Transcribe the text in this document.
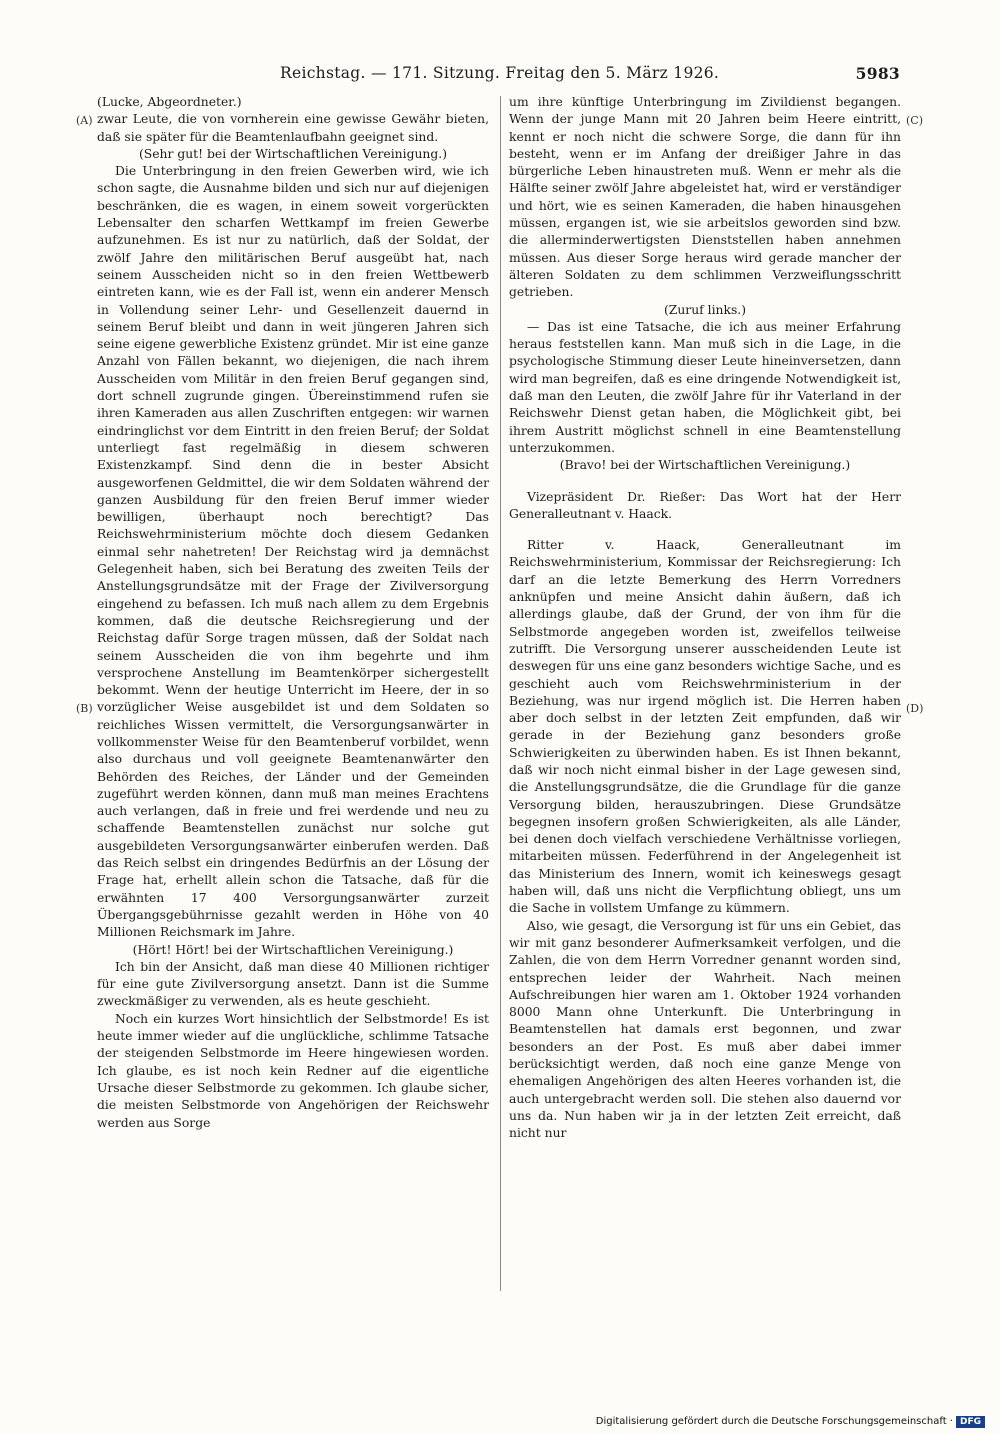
Reichstag. — 171. Sitzung. Freitag den 5. März 1926.	5983
(A)
(B)
(C)
(D)

(Lucke, Abgeordneter.)

zwar Leute, die von vornherein eine gewisse Gewähr bieten, daß sie später für die Beamtenlaufbahn geeignet sind.

(Sehr gut! bei der Wirtschaftlichen Vereinigung.)

Die Unterbringung in den freien Gewerben wird, wie ich schon sagte, die Ausnahme bilden und sich nur auf diejenigen beschränken, die es wagen, in einem soweit vorgerückten Lebensalter den scharfen Wettkampf im freien Gewerbe aufzunehmen. Es ist nur zu natürlich, daß der Soldat, der zwölf Jahre den militärischen Beruf ausgeübt hat, nach seinem Ausscheiden nicht so in den freien Wettbewerb eintreten kann, wie es der Fall ist, wenn ein anderer Mensch in Vollendung seiner Lehr- und Gesellenzeit dauernd in seinem Beruf bleibt und dann in weit jüngeren Jahren sich seine eigene gewerbliche Existenz gründet. Mir ist eine ganze Anzahl von Fällen bekannt, wo diejenigen, die nach ihrem Ausscheiden vom Militär in den freien Beruf gegangen sind, dort schnell zugrunde gingen. Übereinstimmend rufen sie ihren Kameraden aus allen Zuschriften entgegen: wir warnen eindringlichst vor dem Eintritt in den freien Beruf; der Soldat unterliegt fast regelmäßig in diesem schweren Existenzkampf. Sind denn die in bester Absicht ausgeworfenen Geldmittel, die wir dem Soldaten während der ganzen Ausbildung für den freien Beruf immer wieder bewilligen, überhaupt noch berechtigt? Das Reichswehrministerium möchte doch diesem Gedanken einmal sehr nahetreten! Der Reichstag wird ja demnächst Gelegenheit haben, sich bei Beratung des zweiten Teils der Anstellungsgrundsätze mit der Frage der Zivilversorgung eingehend zu befassen. Ich muß nach allem zu dem Ergebnis kommen, daß die deutsche Reichsregierung und der Reichstag dafür Sorge tragen müssen, daß der Soldat nach seinem Ausscheiden die von ihm begehrte und ihm versprochene Anstellung im Beamtenkörper sichergestellt bekommt. Wenn der heutige Unterricht im Heere, der in so vorzüglicher Weise ausgebildet ist und dem Soldaten so reichliches Wissen vermittelt, die Versorgungsanwärter in vollkommenster Weise für den Beamtenberuf vorbildet, wenn also durchaus und voll geeignete Beamtenanwärter den Behörden des Reiches, der Länder und der Gemeinden zugeführt werden können, dann muß man meines Erachtens auch verlangen, daß in freie und frei werdende und neu zu schaffende Beamtenstellen zunächst nur solche gut ausgebildeten Versorgungsanwärter einberufen werden. Daß das Reich selbst ein dringendes Bedürfnis an der Lösung der Frage hat, erhellt allein schon die Tatsache, daß für die erwähnten 17 400 Versorgungsanwärter zurzeit Übergangsgebührnisse gezahlt werden in Höhe von 40 Millionen Reichsmark im Jahre.

(Hört! Hört! bei der Wirtschaftlichen Vereinigung.)

Ich bin der Ansicht, daß man diese 40 Millionen richtiger für eine gute Zivilversorgung ansetzt. Dann ist die Summe zweckmäßiger zu verwenden, als es heute geschieht.

Noch ein kurzes Wort hinsichtlich der Selbstmorde! Es ist heute immer wieder auf die unglückliche, schlimme Tatsache der steigenden Selbstmorde im Heere hingewiesen worden. Ich glaube, es ist noch kein Redner auf die eigentliche Ursache dieser Selbstmorde zu gekommen. Ich glaube sicher, die meisten Selbstmorde von Angehörigen der Reichswehr werden aus Sorge

um ihre künftige Unterbringung im Zivildienst begangen. Wenn der junge Mann mit 20 Jahren beim Heere eintritt, kennt er noch nicht die schwere Sorge, die dann für ihn besteht, wenn er im Anfang der dreißiger Jahre in das bürgerliche Leben hinaustreten muß. Wenn er mehr als die Hälfte seiner zwölf Jahre abgeleistet hat, wird er verständiger und hört, wie es seinen Kameraden, die haben hinausgehen müssen, ergangen ist, wie sie arbeitslos geworden sind bzw. die allerminderwertigsten Dienststellen haben annehmen müssen. Aus dieser Sorge heraus wird gerade mancher der älteren Soldaten zu dem schlimmen Verzweiflungsschritt getrieben.

(Zuruf links.)

— Das ist eine Tatsache, die ich aus meiner Erfahrung heraus feststellen kann. Man muß sich in die Lage, in die psychologische Stimmung dieser Leute hineinversetzen, dann wird man begreifen, daß es eine dringende Notwendigkeit ist, daß man den Leuten, die zwölf Jahre für ihr Vaterland in der Reichswehr Dienst getan haben, die Möglichkeit gibt, bei ihrem Austritt möglichst schnell in eine Beamtenstellung unterzukommen.

(Bravo! bei der Wirtschaftlichen Vereinigung.)

Vizepräsident Dr. Rießer: Das Wort hat der Herr Generalleutnant v. Haack.

Ritter v. Haack, Generalleutnant im Reichswehrministerium, Kommissar der Reichsregierung: Ich darf an die letzte Bemerkung des Herrn Vorredners anknüpfen und meine Ansicht dahin äußern, daß ich allerdings glaube, daß der Grund, der von ihm für die Selbstmorde angegeben worden ist, zweifellos teilweise zutrifft. Die Versorgung unserer ausscheidenden Leute ist deswegen für uns eine ganz besonders wichtige Sache, und es geschieht auch vom Reichswehrministerium in der Beziehung, was nur irgend möglich ist. Die Herren haben aber doch selbst in der letzten Zeit empfunden, daß wir gerade in der Beziehung ganz besonders große Schwierigkeiten zu überwinden haben. Es ist Ihnen bekannt, daß wir noch nicht einmal bisher in der Lage gewesen sind, die Anstellungsgrundsätze, die die Grundlage für die ganze Versorgung bilden, herauszubringen. Diese Grundsätze begegnen insofern großen Schwierigkeiten, als alle Länder, bei denen doch vielfach verschiedene Verhältnisse vorliegen, mitarbeiten müssen. Federführend in der Angelegenheit ist das Ministerium des Innern, womit ich keineswegs gesagt haben will, daß uns nicht die Verpflichtung obliegt, uns um die Sache in vollstem Umfange zu kümmern.

Also, wie gesagt, die Versorgung ist für uns ein Gebiet, das wir mit ganz besonderer Aufmerksamkeit verfolgen, und die Zahlen, die von dem Herrn Vorredner genannt worden sind, entsprechen leider der Wahrheit. Nach meinen Aufschreibungen hier waren am 1. Oktober 1924 vorhanden 8000 Mann ohne Unterkunft. Die Unterbringung in Beamtenstellen hat damals erst begonnen, und zwar besonders an der Post. Es muß aber dabei immer berücksichtigt werden, daß noch eine ganze Menge von ehemaligen Angehörigen des alten Heeres vorhanden ist, die auch untergebracht werden soll. Die stehen also dauernd vor uns da. Nun haben wir ja in der letzten Zeit erreicht, daß nicht nur

Digitalisierung gefördert durch die Deutsche Forschungsgemeinschaft · DFG
